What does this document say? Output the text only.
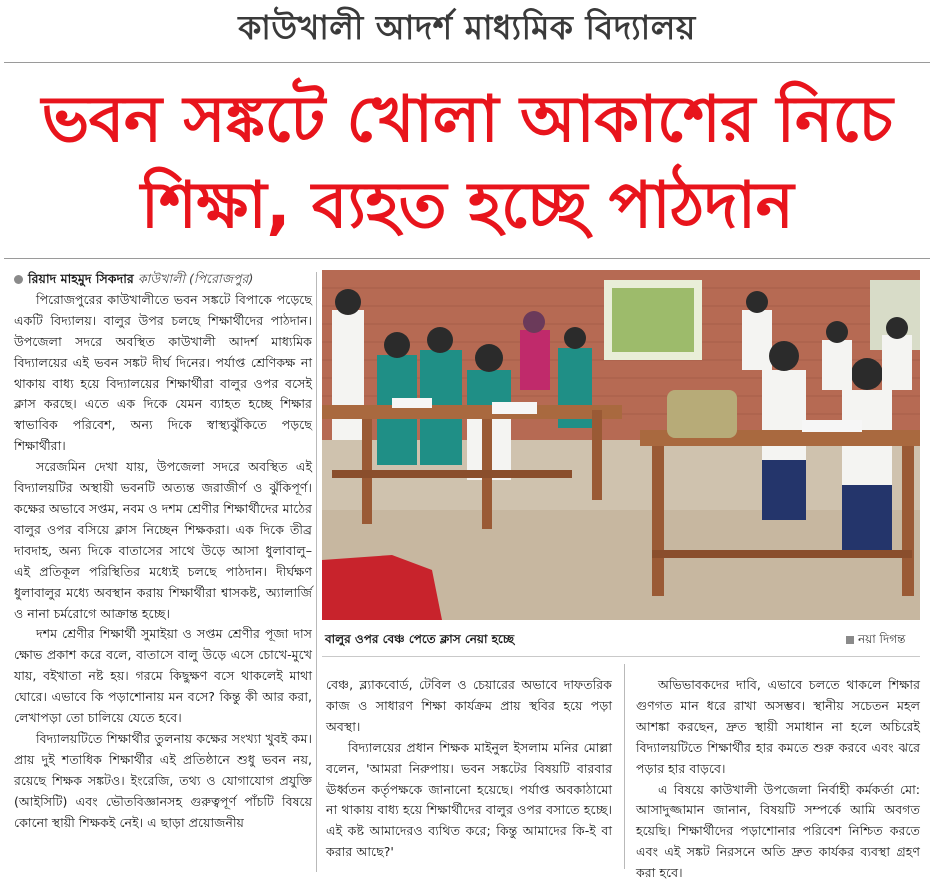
কাউখালী আদর্শ মাধ্যমিক বিদ্যালয়
ভবন সঙ্কটে খোলা আকাশের নিচে
শিক্ষা, ব্যহত হচ্ছে পাঠদান
রিয়াদ মাহমুদ সিকদার কাউখালী (পিরোজপুর)

পিরোজপুরের কাউখালীতে ভবন সঙ্কটে বিপাকে পড়েছে একটি বিদ্যালয়। বালুর উপর চলছে শিক্ষার্থীদের পাঠদান। উপজেলা সদরে অবস্থিত কাউখালী আদর্শ মাধ্যমিক বিদ্যালয়ের এই ভবন সঙ্কট দীর্ঘ দিনের। পর্যাপ্ত শ্রেণিকক্ষ না থাকায় বাধ্য হয়ে বিদ্যালয়ের শিক্ষার্থীরা বালুর ওপর বসেই ক্লাস করছে। এতে এক দিকে যেমন ব্যাহত হচ্ছে শিক্ষার স্বাভাবিক পরিবেশ, অন্য দিকে স্বাস্থ্যঝুঁকিতে পড়ছে শিক্ষার্থীরা।

সরেজমিন দেখা যায়, উপজেলা সদরে অবস্থিত এই বিদ্যালয়টির অস্থায়ী ভবনটি অত্যন্ত জরাজীর্ণ ও ঝুঁকিপূর্ণ। কক্ষের অভাবে সপ্তম, নবম ও দশম শ্রেণীর শিক্ষার্থীদের মাঠের বালুর ওপর বসিয়ে ক্লাস নিচ্ছেন শিক্ষকরা। এক দিকে তীব্র দাবদাহ, অন্য দিকে বাতাসের সাথে উড়ে আসা ধুলাবালু– এই প্রতিকূল পরিস্থিতির মধ্যেই চলছে পাঠদান। দীর্ঘক্ষণ ধুলাবালুর মধ্যে অবস্থান করায় শিক্ষার্থীরা শ্বাসকষ্ট, অ্যালার্জি ও নানা চর্মরোগে আক্রান্ত হচ্ছে।

দশম শ্রেণীর শিক্ষার্থী সুমাইয়া ও সপ্তম শ্রেণীর পূজা দাস ক্ষোভ প্রকাশ করে বলে, বাতাসে বালু উড়ে এসে চোখে-মুখে যায়, বইখাতা নষ্ট হয়। গরমে কিছুক্ষণ বসে থাকলেই মাথা ঘোরে। এভাবে কি পড়াশোনায় মন বসে? কিন্তু কী আর করা, লেখাপড়া তো চালিয়ে যেতে হবে।

বিদ্যালয়টিতে শিক্ষার্থীর তুলনায় কক্ষের সংখ্যা খুবই কম। প্রায় দুই শতাধিক শিক্ষার্থীর এই প্রতিষ্ঠানে শুধু ভবন নয়, রয়েছে শিক্ষক সঙ্কটও। ইংরেজি, তথ্য ও যোগাযোগ প্রযুক্তি (আইসিটি) এবং ভৌতবিজ্ঞানসহ গুরুত্বপূর্ণ পাঁচটি বিষয়ে কোনো স্থায়ী শিক্ষকই নেই। এ ছাড়া প্রয়োজনীয়

বালুর ওপর বেঞ্চ পেতে ক্লাস নেয়া হচ্ছে	নয়া দিগন্ত

বেঞ্চ, ব্ল্যাকবোর্ড, টেবিল ও চেয়ারের অভাবে দাফতরিক কাজ ও সাধারণ শিক্ষা কার্যক্রম প্রায় স্থবির হয়ে পড়া অবস্থা।

বিদ্যালয়ের প্রধান শিক্ষক মাইনুল ইসলাম মনির মোল্লা বলেন, 'আমরা নিরুপায়। ভবন সঙ্কটের বিষয়টি বারবার ঊর্ধ্বতন কর্তৃপক্ষকে জানানো হয়েছে। পর্যাপ্ত অবকাঠামো না থাকায় বাধ্য হয়ে শিক্ষার্থীদের বালুর ওপর বসাতে হচ্ছে। এই কষ্ট আমাদেরও ব্যথিত করে; কিন্তু আমাদের কি-ই বা করার আছে?'

অভিভাবকদের দাবি, এভাবে চলতে থাকলে শিক্ষার গুণগত মান ধরে রাখা অসম্ভব। স্থানীয় সচেতন মহল আশঙ্কা করছেন, দ্রুত স্থায়ী সমাধান না হলে অচিরেই বিদ্যালয়টিতে শিক্ষার্থীর হার কমতে শুরু করবে এবং ঝরে পড়ার হার বাড়বে।

এ বিষয়ে কাউখালী উপজেলা নির্বাহী কর্মকর্তা মো: আসাদুজ্জামান জানান, বিষয়টি সম্পর্কে আমি অবগত হয়েছি। শিক্ষার্থীদের পড়াশোনার পরিবেশ নিশ্চিত করতে এবং এই সঙ্কট নিরসনে অতি দ্রুত কার্যকর ব্যবস্থা গ্রহণ করা হবে।
